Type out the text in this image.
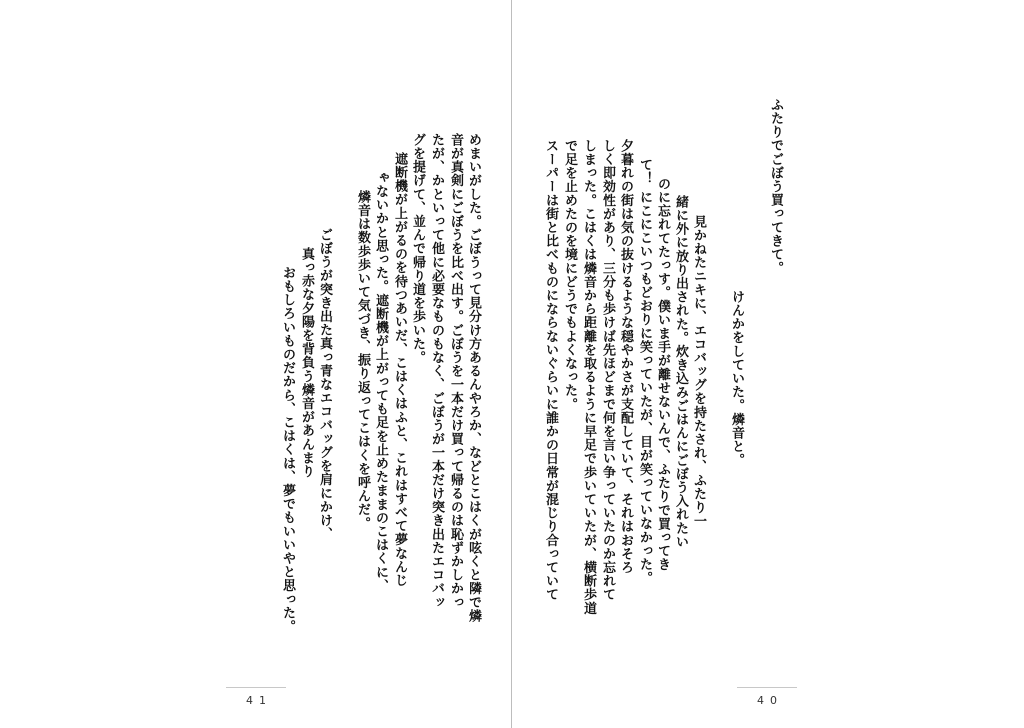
ふたりでごぼう買ってきて。
けんかをしていた。燐音と。
見かねたニキに、エコバッグを持たされ、ふたり一
緒に外に放り出された。炊き込みごはんにごぼう入れたい
のに忘れてたっす。僕いま手が離せないんで、ふたりで買ってき
て！ にこにこいつもどおりに笑っていたが、目が笑っていなかった。
夕暮れの街は気の抜けるような穏やかさが支配していて、それはおそろ
しく即効性があり、三分も歩けば先ほどまで何を言い争っていたのか忘れて
しまった。こはくは燐音から距離を取るように早足で歩いていたが、横断歩道
で足を止めたのを境にどうでもよくなった。
スーパーは街と比べものにならないぐらいに誰かの日常が混じり合っていて
40
めまいがした。ごぼうって見分け方あるんやろか、などとこはくが呟くと隣で燐
音が真剣にごぼうを比べ出す。ごぼうを一本だけ買って帰るのは恥ずかしかっ
たが、かといって他に必要なものもなく、ごぼうが一本だけ突き出たエコバッ
グを提げて、並んで帰り道を歩いた。
遮断機が上がるのを待つあいだ、こはくはふと、これはすべて夢なんじ
ゃないかと思った。遮断機が上がっても足を止めたままのこはくに、
燐音は数歩歩いて気づき、振り返ってこはくを呼んだ。
ごぼうが突き出た真っ青なエコバッグを肩にかけ、
真っ赤な夕陽を背負う燐音があんまり
おもしろいものだから、こはくは、夢でもいいやと思った。
41
